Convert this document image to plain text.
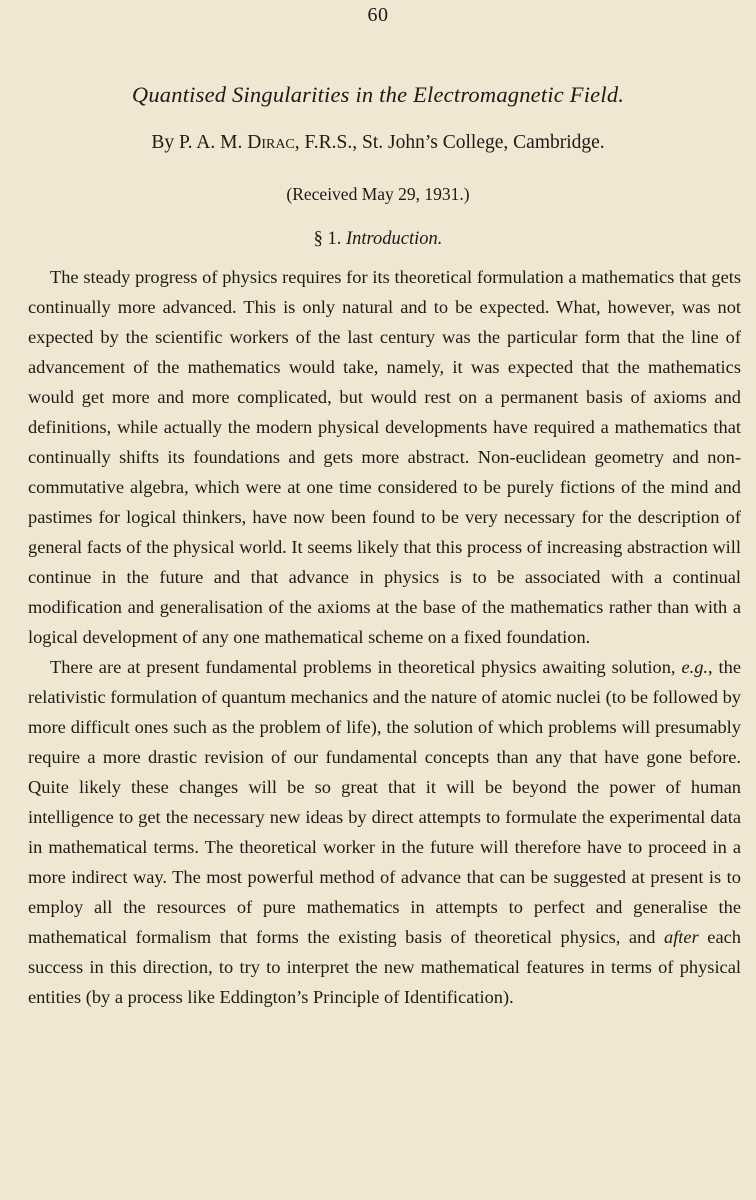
60
Quantised Singularities in the Electromagnetic Field.
By P. A. M. Dirac, F.R.S., St. John’s College, Cambridge.
(Received May 29, 1931.)
§ 1. Introduction.

The steady progress of physics requires for its theoretical formulation a mathematics that gets continually more advanced. This is only natural and to be expected. What, however, was not expected by the scientific workers of the last century was the particular form that the line of advancement of the mathematics would take, namely, it was expected that the mathematics would get more and more complicated, but would rest on a permanent basis of axioms and definitions, while actually the modern physical developments have required a mathematics that continually shifts its foundations and gets more abstract. Non-euclidean geometry and non-commutative algebra, which were at one time considered to be purely fictions of the mind and pastimes for logical thinkers, have now been found to be very necessary for the description of general facts of the physical world. It seems likely that this process of increasing abstraction will continue in the future and that advance in physics is to be associated with a continual modification and generalisation of the axioms at the base of the mathematics rather than with a logical development of any one mathematical scheme on a fixed foundation.

There are at present fundamental problems in theoretical physics awaiting solution, e.g., the relativistic formulation of quantum mechanics and the nature of atomic nuclei (to be followed by more difficult ones such as the problem of life), the solution of which problems will presumably require a more drastic revision of our fundamental concepts than any that have gone before. Quite likely these changes will be so great that it will be beyond the power of human intelligence to get the necessary new ideas by direct attempts to formulate the experimental data in mathematical terms. The theoretical worker in the future will therefore have to proceed in a more indirect way. The most powerful method of advance that can be suggested at present is to employ all the resources of pure mathematics in attempts to perfect and generalise the mathematical formalism that forms the existing basis of theoretical physics, and after each success in this direction, to try to interpret the new mathematical features in terms of physical entities (by a process like Eddington’s Principle of Identification).
